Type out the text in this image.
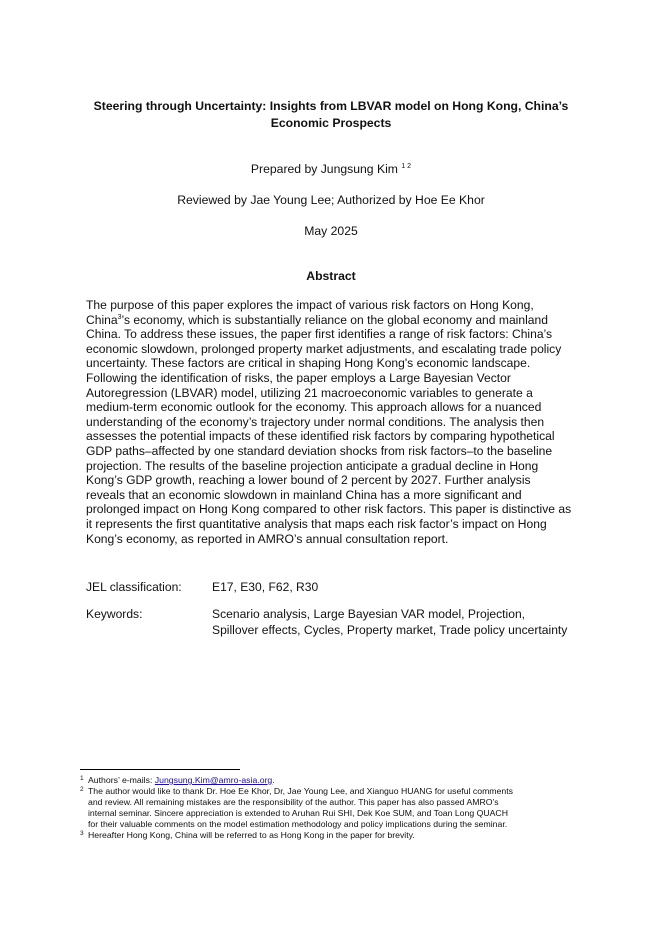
Steering through Uncertainty: Insights from LBVAR model on Hong Kong, China’s
Economic Prospects
Prepared by Jungsung Kim $^{1 2}$
Reviewed by Jae Young Lee; Authorized by Hoe Ee Khor
May 2025
Abstract
The purpose of this paper explores the impact of various risk factors on Hong Kong,
China$^3$’s economy, which is substantially reliance on the global economy and mainland
China. To address these issues, the paper first identifies a range of risk factors: China’s
economic slowdown, prolonged property market adjustments, and escalating trade policy
uncertainty. These factors are critical in shaping Hong Kong's economic landscape.
Following the identification of risks, the paper employs a Large Bayesian Vector
Autoregression (LBVAR) model, utilizing 21 macroeconomic variables to generate a
medium-term economic outlook for the economy. This approach allows for a nuanced
understanding of the economy’s trajectory under normal conditions. The analysis then
assesses the potential impacts of these identified risk factors by comparing hypothetical
GDP paths–affected by one standard deviation shocks from risk factors–to the baseline
projection. The results of the baseline projection anticipate a gradual decline in Hong
Kong’s GDP growth, reaching a lower bound of 2 percent by 2027. Further analysis
reveals that an economic slowdown in mainland China has a more significant and
prolonged impact on Hong Kong compared to other risk factors. This paper is distinctive as
it represents the first quantitative analysis that maps each risk factor’s impact on Hong
Kong’s economy, as reported in AMRO’s annual consultation report.
JEL classification:	E17, E30, F62, R30
Keywords:	Scenario analysis, Large Bayesian VAR model, Projection,
Spillover effects, Cycles, Property market, Trade policy uncertainty
1 Authors’ e-mails: Jungsung.Kim@amro-asia.org.
2 The author would like to thank Dr. Hoe Ee Khor, Dr, Jae Young Lee, and Xianguo HUANG for useful comments
and review. All remaining mistakes are the responsibility of the author. This paper has also passed AMRO’s
internal seminar. Sincere appreciation is extended to Aruhan Rui SHI, Dek Koe SUM, and Toan Long QUACH
for their valuable comments on the model estimation methodology and policy implications during the seminar.
3 Hereafter Hong Kong, China will be referred to as Hong Kong in the paper for brevity.
